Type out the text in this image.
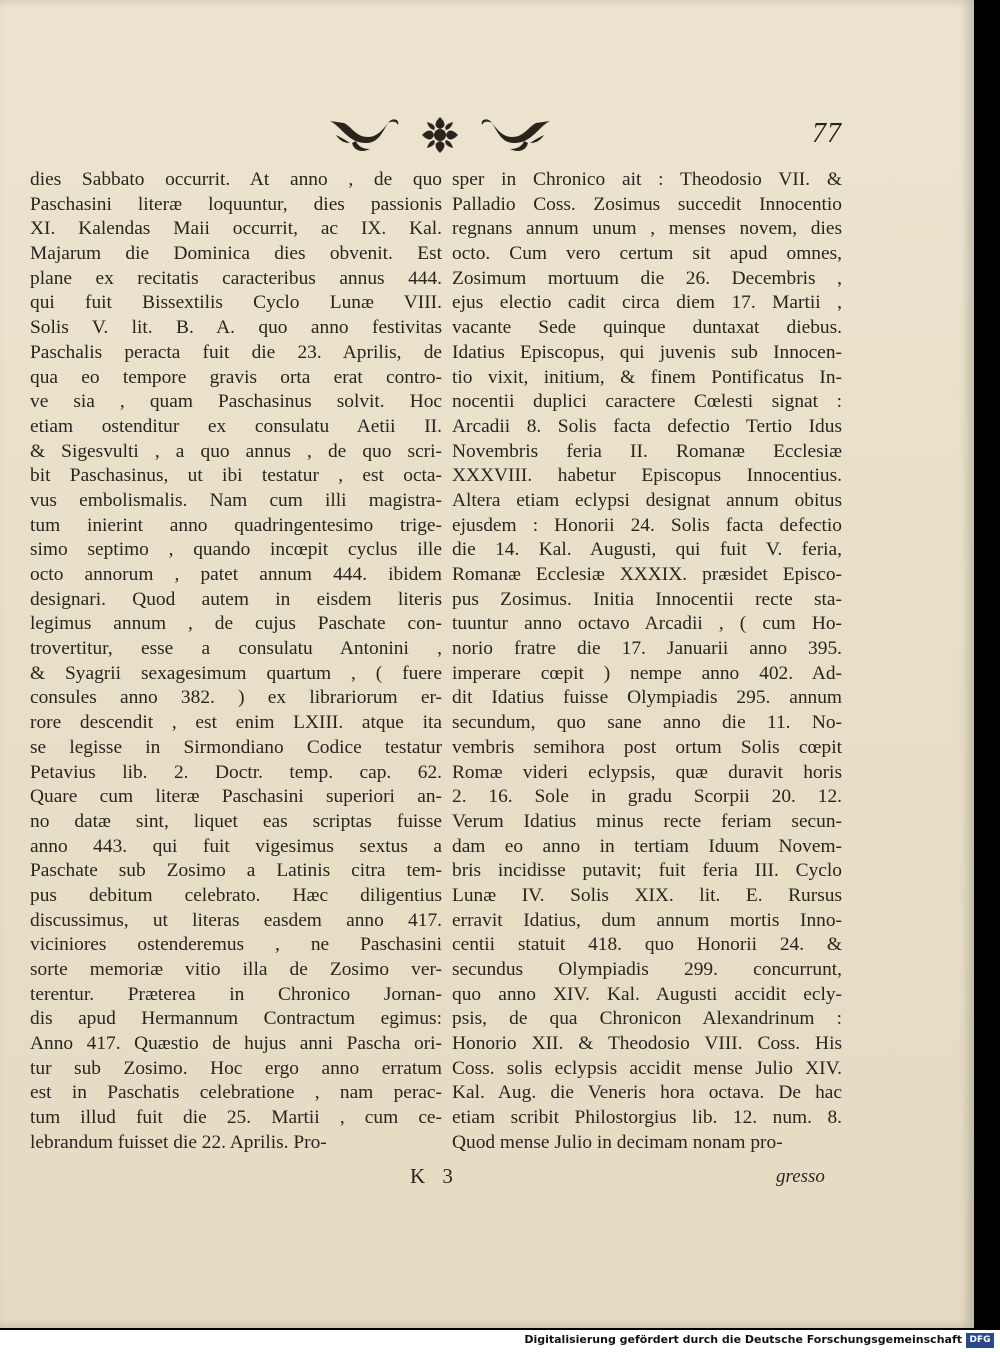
77
dies Sabbato occurrit. At anno , de quo
Paschasini literæ loquuntur, dies passionis
XI. Kalendas Maii occurrit, ac IX. Kal.
Majarum die Dominica dies obvenit. Est
plane ex recitatis caracteribus annus 444.
qui fuit Bissextilis Cyclo Lunæ VIII.
Solis V. lit. B. A. quo anno festivitas
Paschalis peracta fuit die 23. Aprilis, de
qua eo tempore gravis orta erat contro-
ve sia , quam Paschasinus solvit. Hoc
etiam ostenditur ex consulatu Aetii II.
& Sigesvulti , a quo annus , de quo scri-
bit Paschasinus, ut ibi testatur , est octa-
vus embolismalis. Nam cum illi magistra-
tum inierint anno quadringentesimo trige-
simo septimo , quando incœpit cyclus ille
octo annorum , patet annum 444. ibidem
designari. Quod autem in eisdem literis
legimus annum , de cujus Paschate con-
trovertitur, esse a consulatu Antonini ,
& Syagrii sexagesimum quartum , ( fuere
consules anno 382. ) ex librariorum er-
rore descendit , est enim LXIII. atque ita
se legisse in Sirmondiano Codice testatur
Petavius lib. 2. Doctr. temp. cap. 62.
Quare cum literæ Paschasini superiori an-
no datæ sint, liquet eas scriptas fuisse
anno 443. qui fuit vigesimus sextus a
Paschate sub Zosimo a Latinis citra tem-
pus debitum celebrato. Hæc diligentius
discussimus, ut literas easdem anno 417.
viciniores ostenderemus , ne Paschasini
sorte memoriæ vitio illa de Zosimo ver-
terentur. Præterea in Chronico Jornan-
dis apud Hermannum Contractum egimus:
Anno 417. Quæstio de hujus anni Pascha ori-
tur sub Zosimo. Hoc ergo anno erratum
est in Paschatis celebratione , nam perac-
tum illud fuit die 25. Martii , cum ce-
lebrandum fuisset die 22. Aprilis. Pro-
sper in Chronico ait : Theodosio VII. &
Palladio Coss. Zosimus succedit Innocentio
regnans annum unum , menses novem, dies
octo. Cum vero certum sit apud omnes,
Zosimum mortuum die 26. Decembris ,
ejus electio cadit circa diem 17. Martii ,
vacante Sede quinque duntaxat diebus.
Idatius Episcopus, qui juvenis sub Innocen-
tio vixit, initium, & finem Pontificatus In-
nocentii duplici caractere Cœlesti signat :
Arcadii 8. Solis facta defectio Tertio Idus
Novembris feria II. Romanæ Ecclesiæ
XXXVIII. habetur Episcopus Innocentius.
Altera etiam eclypsi designat annum obitus
ejusdem : Honorii 24. Solis facta defectio
die 14. Kal. Augusti, qui fuit V. feria,
Romanæ Ecclesiæ XXXIX. præsidet Episco-
pus Zosimus. Initia Innocentii recte sta-
tuuntur anno octavo Arcadii , ( cum Ho-
norio fratre die 17. Januarii anno 395.
imperare cœpit ) nempe anno 402. Ad-
dit Idatius fuisse Olympiadis 295. annum
secundum, quo sane anno die 11. No-
vembris semihora post ortum Solis cœpit
Romæ videri eclypsis, quæ duravit horis
2. 16. Sole in gradu Scorpii 20. 12.
Verum Idatius minus recte feriam secun-
dam eo anno in tertiam Iduum Novem-
bris incidisse putavit; fuit feria III. Cyclo
Lunæ IV. Solis XIX. lit. E. Rursus
erravit Idatius, dum annum mortis Inno-
centii statuit 418. quo Honorii 24. &
secundus Olympiadis 299. concurrunt,
quo anno XIV. Kal. Augusti accidit ecly-
psis, de qua Chronicon Alexandrinum :
Honorio XII. & Theodosio VIII. Coss. His
Coss. solis eclypsis accidit mense Julio XIV.
Kal. Aug. die Veneris hora octava. De hac
etiam scribit Philostorgius lib. 12. num. 8.
Quod mense Julio in decimam nonam pro-
K 3	gresso
Digitalisierung gefördert durch die Deutsche Forschungsgemeinschaft DFG
